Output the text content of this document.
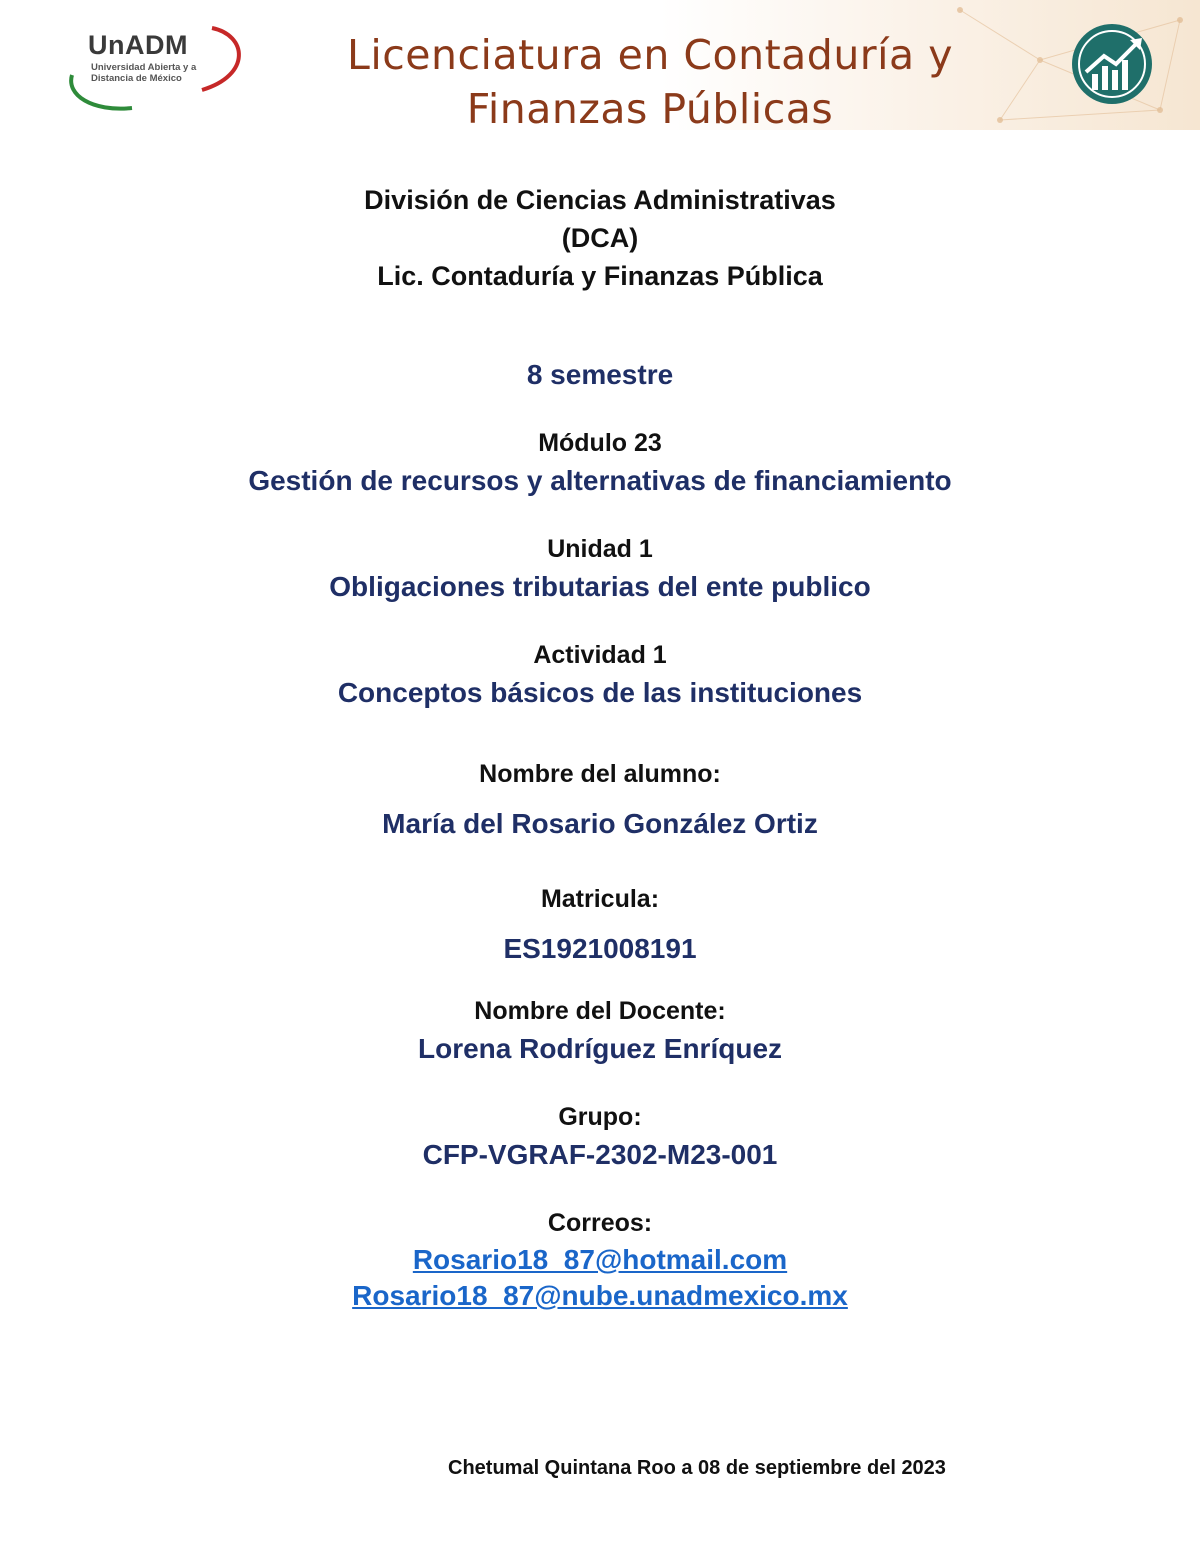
UnADM
Universidad Abierta y a Distancia de México	Licenciatura en Contaduría y
Finanzas Públicas
División de Ciencias Administrativas
(DCA)
Lic. Contaduría y Finanzas Pública
8 semestre
Módulo 23
Gestión de recursos y alternativas de financiamiento
Unidad 1
Obligaciones tributarias del ente publico
Actividad 1
Conceptos básicos de las instituciones
Nombre del alumno:
María del Rosario González Ortiz
Matricula:
ES1921008191
Nombre del Docente:
Lorena Rodríguez Enríquez
Grupo:
CFP-VGRAF-2302-M23-001
Correos:
Rosario18_87@hotmail.com
Rosario18_87@nube.unadmexico.mx
Chetumal Quintana Roo a 08 de septiembre del 2023
